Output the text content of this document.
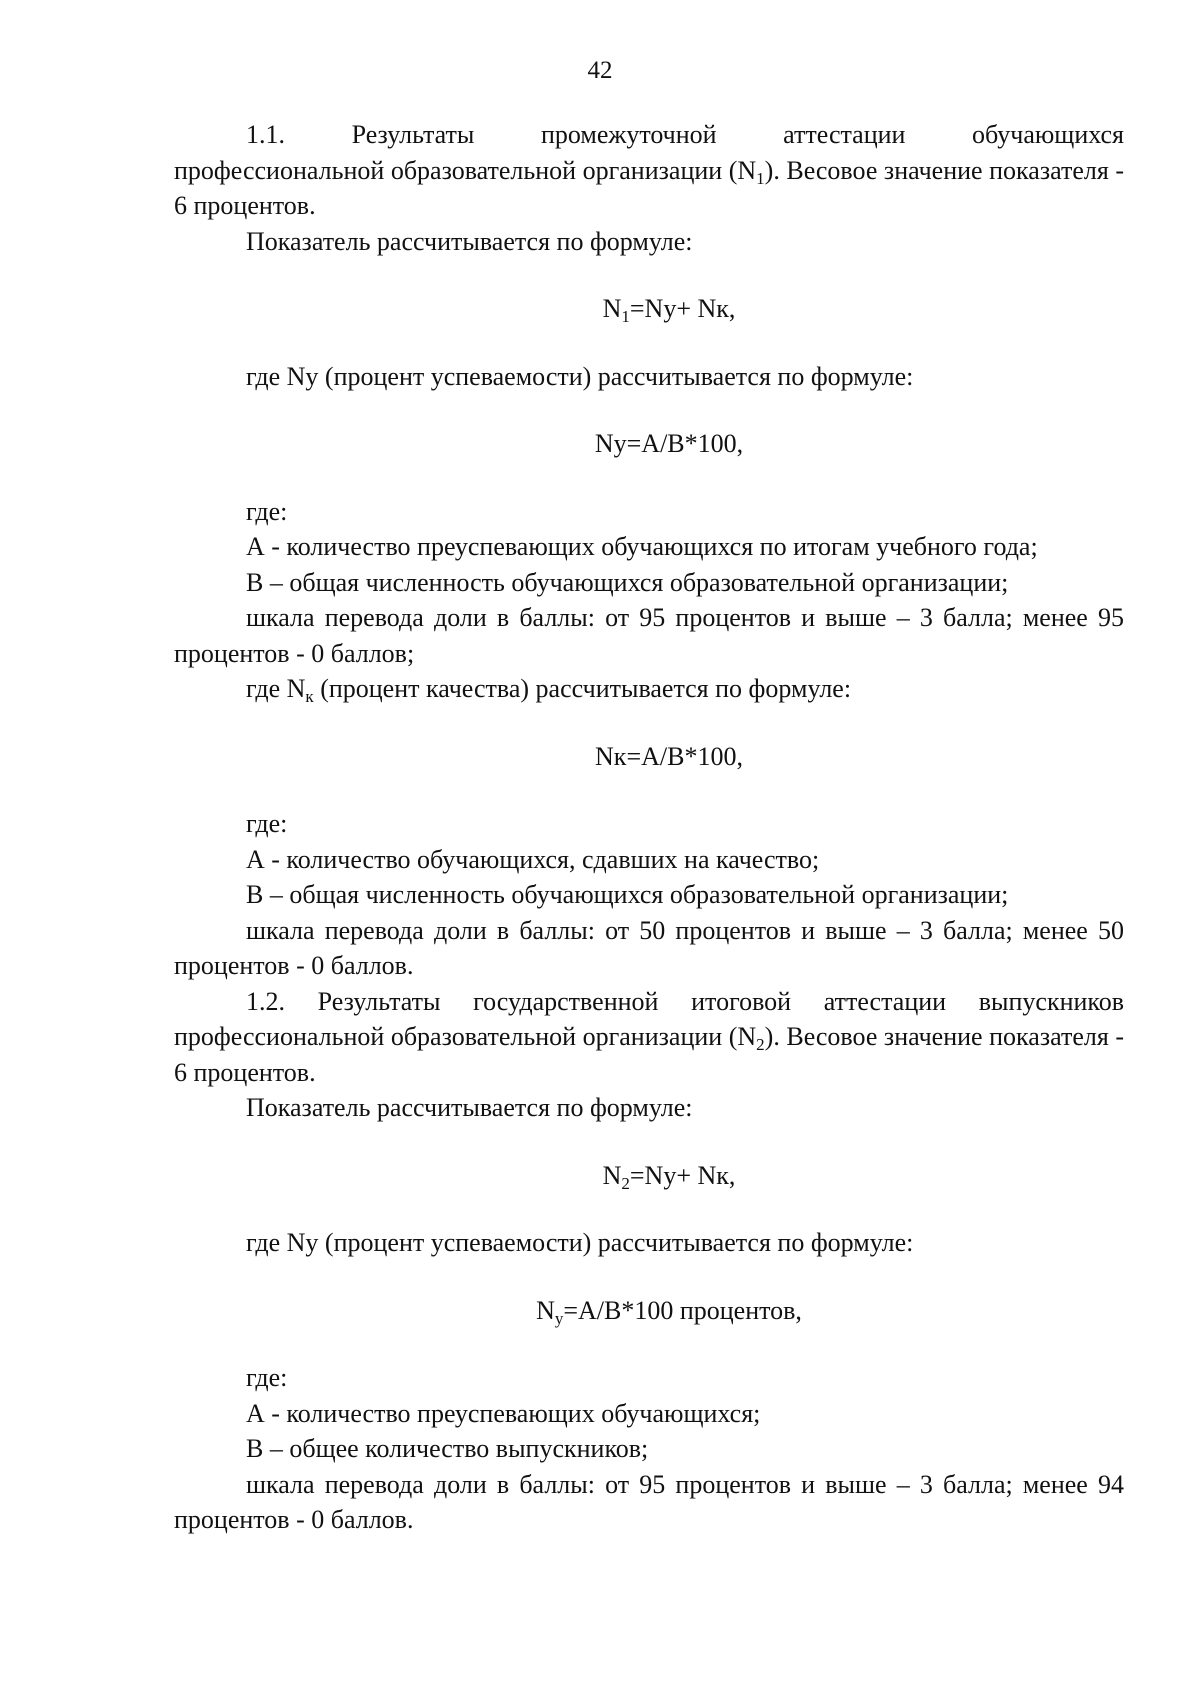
42

1.1. Результаты промежуточной аттестации обучающихся
профессиональной образовательной организации $(N_1)$. Весовое значение показателя - 6 процентов.

Показатель рассчитывается по формуле:

$N_1=Ny+$ Nк,

где Ny (процент успеваемости) рассчитывается по формуле:

Ny=A/B*100,

где:

А - количество преуспевающих обучающихся по итогам учебного года;

В – общая численность обучающихся образовательной организации;

шкала перевода доли в баллы: от 95 процентов и выше – 3 балла; менее 95 процентов - 0 баллов;

где $N_к$ (процент качества) рассчитывается по формуле:

Nк=A/B*100,

где:

А - количество обучающихся, сдавших на качество;

В – общая численность обучающихся образовательной организации;

шкала перевода доли в баллы: от 50 процентов и выше – 3 балла; менее 50 процентов - 0 баллов.

1.2. Результаты государственной итоговой аттестации выпускников профессиональной образовательной организации $(N_2)$. Весовое значение показателя - 6 процентов.

Показатель рассчитывается по формуле:

$N_2=Ny+$ Nк,

где Ny (процент успеваемости) рассчитывается по формуле:

$N_у=A/B*100$ процентов,

где:

А - количество преуспевающих обучающихся;

В – общее количество выпускников;

шкала перевода доли в баллы: от 95 процентов и выше – 3 балла; менее 94 процентов - 0 баллов.
